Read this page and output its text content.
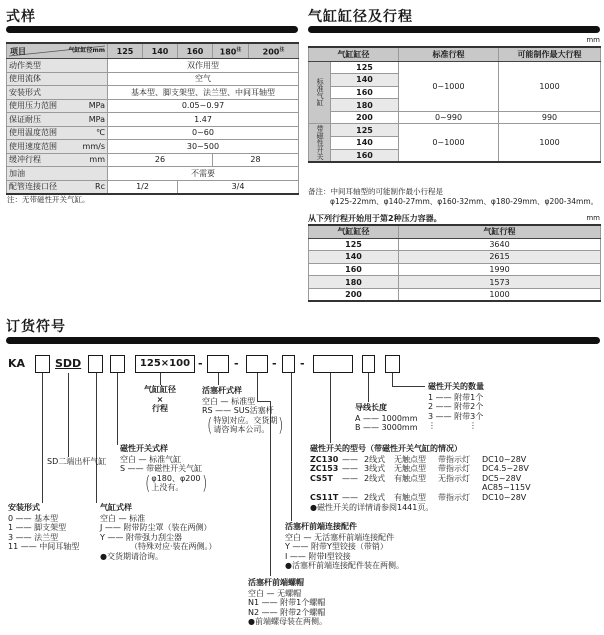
式样
气缸缸径mm
项目	125	140	160	$180^注$	$200^注$

动作类型	双作用型				

使用流体	空气				

安装形式	基本型、脚支架型、法兰型、中间耳轴型				

使用压力范围 MPa	0.05~0.97				

保证耐压 MPa	1.47				

使用温度范围 ℃	0~60				

使用速度范围 mm/s	30~500				

缓冲行程 mm	26			28	

加油	不需要				

配管连接口径 Rc	1/2		3/4		
注：无带磁性开关气缸。
气缸缸径及行程
mm
气缸缸径		标准行程	可能制作最大行程
标准气缸	125	0~1000	1000
	140		
	160		
	180		
	200	0~990	990
带磁性开关	125	0~1000	1000
	140		
	160		
备注：中间耳轴型的可能制作最小行程是
φ125-22mm、φ140-27mm、φ160-32mm、φ180-29mm、φ200-34mm。
从下列行程开始用于第2种压力容器。	mm
气缸缸径	气缸行程
125	3640
140	2615
160	1990
180	1573
200	1000
订货符号
KA	SDD	125×100 -	-	- -
气缸缸径
×
行程
活塞杆式样
空白 — 标准型
RS —— SUS活塞杆
( 特别对应。交货期
请咨询本公司。 )
磁性开关式样
空白 — 标准气缸
S —— 带磁性开关气缸
( φ180、φ200
上没有。 )
SD二端出杆气缸
安装形式
0 —— 基本型
1 —— 脚支架型
3 —— 法兰型
11 —— 中间耳轴型
气缸式样
空白 — 标准
J —— 附带防尘罩（装在两侧）
Y —— 附带强力刮尘器
（特殊对应·装在两侧。）
●交货期请洽询。
导线长度
A —— 1000mm
B —— 3000mm
磁性开关的数量
1 —— 附带1个
2 —— 附带2个
3 —— 附带3个
⋮             ⋮
磁性开关的型号（带磁性开关气缸的情况）
ZC130 —— 2线式	无触点型	带指示灯	DC10~28V
ZC153 —— 3线式	无触点型	带指示灯	DC4.5~28V
CS5T	—— 2线式	有触点型	无指示灯	DC5~28V
AC85~115V
CS11T —— 2线式	有触点型	带指示灯	DC10~28V
●磁性开关的详情请参阅1441页。
活塞杆前端连接配件
空白 — 无活塞杆前端连接配件
Y —— 附带Y型铰接（带销）
I —— 附带I型铰接
●活塞杆前端连接配件装在两侧。
活塞杆前端螺帽
空白 — 无螺帽
N1 —— 附带1个螺帽
N2 —— 附带2个螺帽
●前端螺母装在两侧。
